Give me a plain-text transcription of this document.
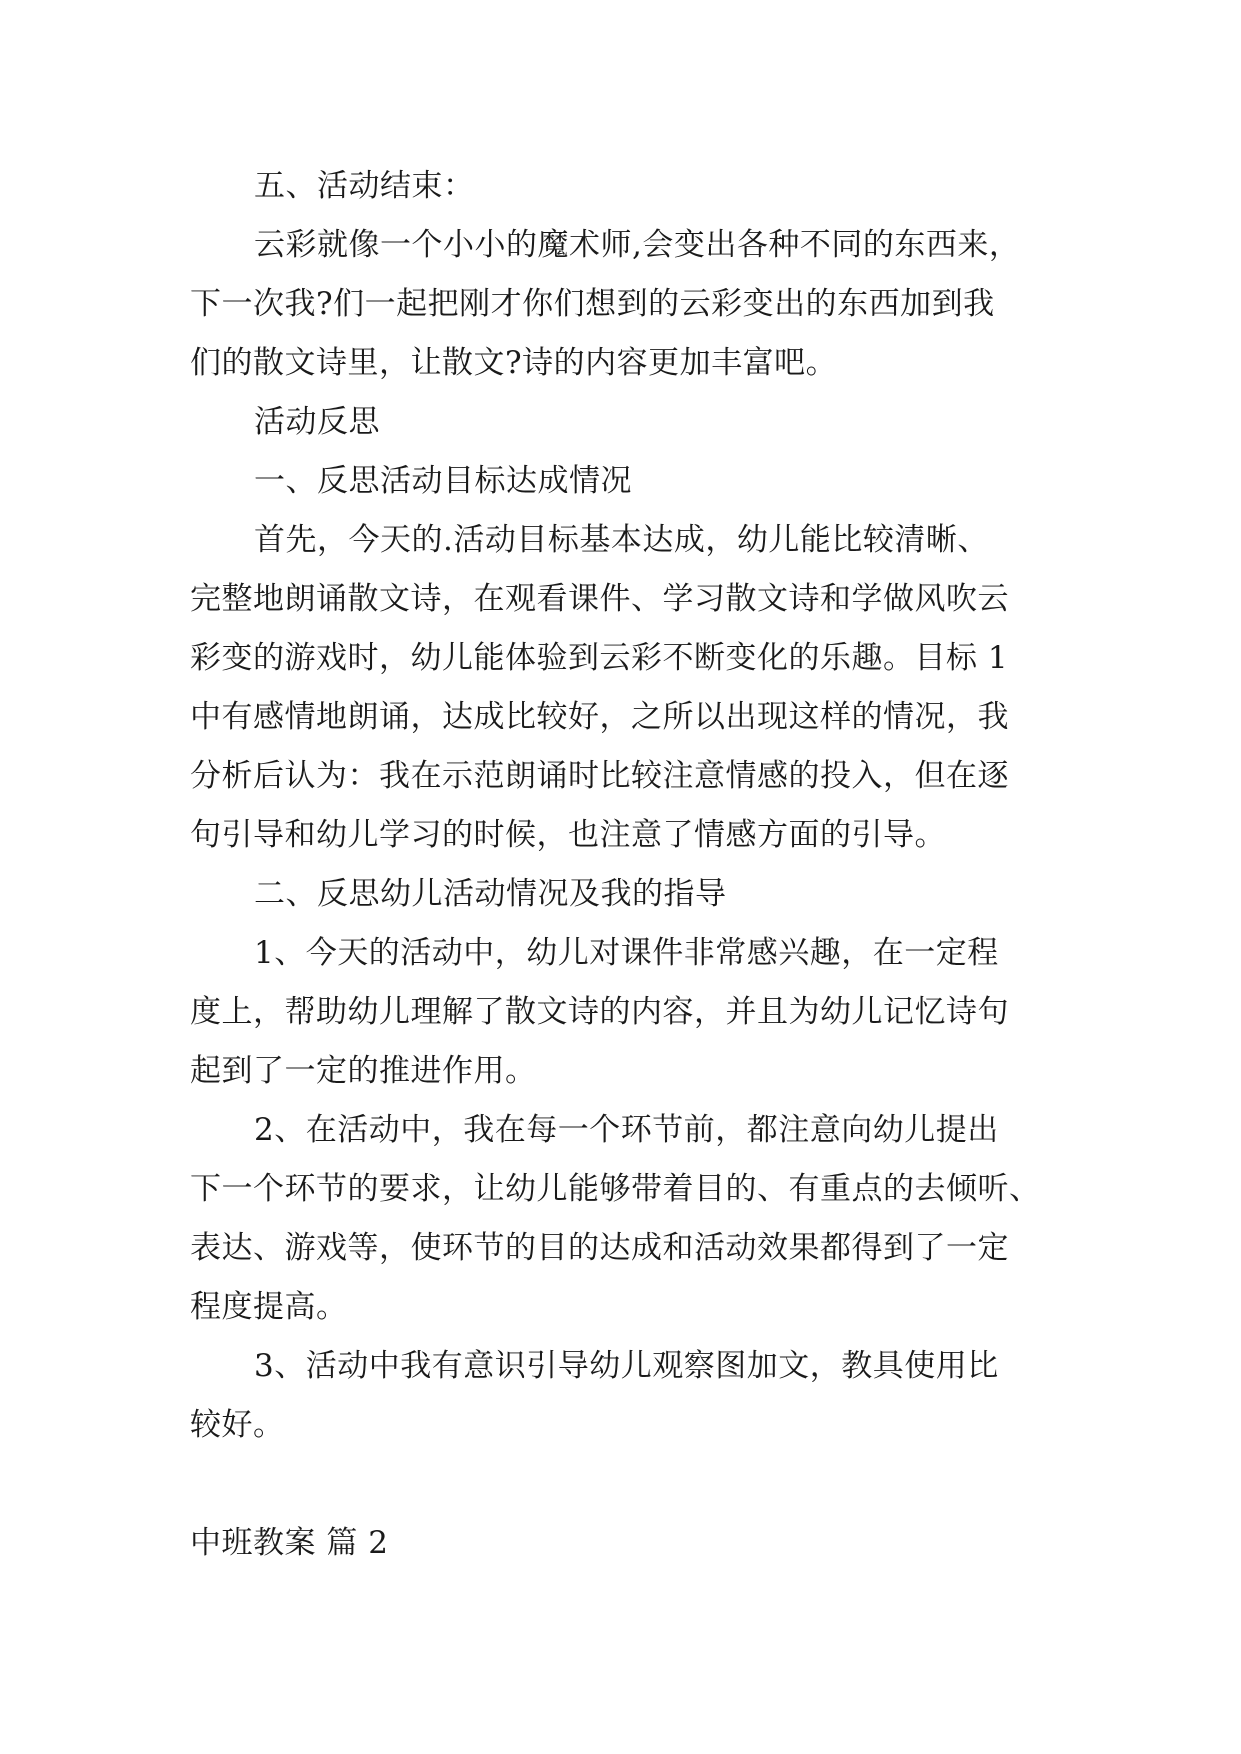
五、活动结束：
云彩就像一个小小的魔术师,会变出各种不同的东西来，
下一次我?们一起把刚才你们想到的云彩变出的东西加到我
们的散文诗里，让散文?诗的内容更加丰富吧。
活动反思
一、反思活动目标达成情况
首先，今天的.活动目标基本达成，幼儿能比较清晰、
完整地朗诵散文诗，在观看课件、学习散文诗和学做风吹云
彩变的游戏时，幼儿能体验到云彩不断变化的乐趣。目标 1
中有感情地朗诵，达成比较好，之所以出现这样的情况，我
分析后认为：我在示范朗诵时比较注意情感的投入，但在逐
句引导和幼儿学习的时候，也注意了情感方面的引导。
二、反思幼儿活动情况及我的指导
1、今天的活动中，幼儿对课件非常感兴趣，在一定程
度上，帮助幼儿理解了散文诗的内容，并且为幼儿记忆诗句
起到了一定的推进作用。
2、在活动中，我在每一个环节前，都注意向幼儿提出
下一个环节的要求，让幼儿能够带着目的、有重点的去倾听、
表达、游戏等，使环节的目的达成和活动效果都得到了一定
程度提高。
3、活动中我有意识引导幼儿观察图加文，教具使用比
较好。
中班教案 篇 2
